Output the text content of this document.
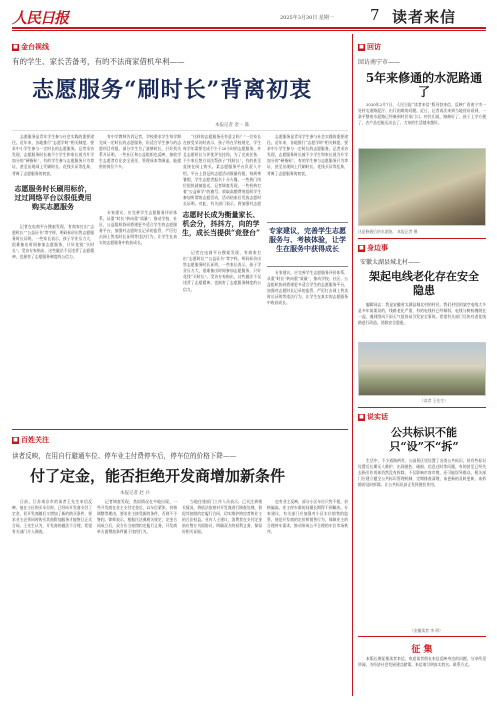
人民日报	2025年3月30日 星期一 7 读者来信
■ 金台视线
有的学生、家长苦备考，有的不法商家借机牟利——
志愿服务“刷时长”背离初衷
本报记者 金一 陈
志愿服务是青年学生参与社会实践的重要途径。近年来，各地推行“志愿学时”相关制度，要求中小学生参与一定时长的志愿服务。记者采访发现，志愿服务时长被不少学生和家长视为升学加分的“硬指标”，有的学生参与志愿服务只为拿证，甚至出现网上代刷时长、花钱买证等乱象，背离了志愿服务的初衷。
志愿服务时长刷用标价，过过网络平台以很低费用购买志愿服务
记者在电商平台搜索发现，有商家打出“志愿时长”“公益证书”等字样，明码标价出售志愿服务时长证明。一些家长表示，孩子学业压力大，很难抽出时间参加志愿服务，只好花钱“买时长”。受访专家指出，这些做法不仅违背了志愿精神，也损害了志愿服务制度的公信力。
有中学教师告诉记者，学校要求学生每学期完成一定时长的志愿服务，但适合学生参与的志愿项目有限，部分学生为了凑够时长，只好找关系开证明。一些社区和公益组织也反映，接收学生志愿者存在安全责任、管理成本等顾虑，能提供的岗位不多。
志愿时长成为衡量家长、机会分，抖抖方，向的学生，成长当提供“竞登台”
专家建议，应完善学生志愿服务评价体系，从重“时长”转向重“质量”，推动学校、社区、公益组织协同搭建更多适合学生的志愿服务平台，加强对志愿时长记录的监管，严厉打击网上售卖时长证明等违法行为，让学生在真实的志愿服务中收获成长。
“这样的志愿服务还有意义吗？”一位家长在接受采访时表示，孩子所在学校规定，学生每学年需要完成不少于20小时的志愿服务，并且志愿时长与评优评先挂钩。为了完成任务，不少家长想方设法帮孩子“找时长”，有的甚至直接在网上购买。某志愿服务平台负责人介绍，平台上登记的志愿活动数量有限，每到寒暑假，学生志愿者报名十分火爆，一些热门岗位很快就被抢光。记者调查发现，一些机构打着“公益研学”的旗号，收取高额费用组织学生参加所谓的志愿活动，活动结束后发放志愿时长证明。对此，有关部门表示，将加强对志愿
记者在电商平台搜索发现，有商家打出“志愿时长”“公益证书”等字样，明码标价出售志愿服务时长证明。一些家长表示，孩子学业压力大，很难抽出时间参加志愿服务，只好花钱“买时长”。受访专家指出，这些做法不仅违背了志愿精神，也损害了志愿服务制度的公信力。
志愿服务是青年学生参与社会实践的重要途径。近年来，各地推行“志愿学时”相关制度，要求中小学生参与一定时长的志愿服务。记者采访发现，志愿服务时长被不少学生和家长视为升学加分的“硬指标”，有的学生参与志愿服务只为拿证，甚至出现网上代刷时长、花钱买证等乱象，背离了志愿服务的初衷。
专家建议，完善学生志愿服务与、考核体验，让学生在服务中获得成长
专家建议，应完善学生志愿服务评价体系，从重“时长”转向重“质量”，推动学校、社区、公益组织协同搭建更多适合学生的志愿服务平台，加强对志愿时长记录的监管，严厉打击网上售卖时长证明等违法行为，让学生在真实的志愿服务中收获成长。
■ 百姓关注
读者反映，在用自行避通车位、停车业主付费停车后，停车位的价格下降——
付了定金，能否拒绝开发商增加新条件
本报记者 赵 兵
日前，江苏南京市的读者王先生来信反映，他在小区购买车位时，已经向开发商支付了定金，但开发商随后又增加了新的购买条件，要求业主必须同时购买其他附加服务才能签订正式合同。王先生认为，开发商的做法不合理，希望有关部门介入调查。
记者调查发现，类似情况在多地出现。一些开发商在业主支付定金后，以车位紧张、价格调整等理由，要求业主接受新的条件，否则不予签约。律师表示，根据民法典相关规定，定金合同成立后，双方应当按照约定履行义务，开发商单方面增加条件属于违约行为。
当地住建部门工作人员表示，已关注到相关情况，将依法依规对开发商进行调查处理，督促其按照约定履行合同，切实维护购房者和业主的合法权益。业内人士建议，消费者在支付定金前应签订书面协议，明确双方的权利义务，保留好相关证据。
也有业主反映，部分小区车位只售不租，价格偏高，业主停车难的问题长期得不到解决。专家建议，有关部门应加强对小区车位销售的监管，规范开发商的定价和销售行为，保障业主的合理停车需求，推动形成公平合理的车位市场秩序。
■ 回访
回访南宁市——
5年来修通的水泥路通了
2020年2月7日，人民日报“读者来信”版刊登来信，反映广西南宁市一处村屯道路泥泞、出行困难的问题。近日，记者再次来到当地回访看到，一条平整的水泥路已经修到村民家门口。村民们说，路修好了，孩子上学方便了，农产品也能运出去了，大家的生活越来越好。
这是修通后的水泥路。 本报记者 摄
■ 身边事
安徽太湖县城北村——
架起电线老化存在安全隐患
编辑同志：我是安徽省太湖县城北村的村民。我们村里的架空电线大多是多年前架设的，线路老化严重，有的电线杆已经倾斜，电线与树枝缠绕在一起，遇到刮风下雨天气很容易引发安全事故。希望有关部门尽快对老化线路进行改造，消除安全隐患。
（读者 王先生）
■ 说实话
公共标识不能只“设”不“拆”
生活中，不少道路两旁、公园景区里设置了各类公共标识，但有些标识设置后长期无人维护，出现褪色、破损、信息过时等问题，有的甚至已经失去指引作用却仍然没有拆除，不仅影响市容市貌，还可能误导群众。相关部门应建立健全公共标识管理机制，定期排查清理，该更新的及时更新，该拆除的及时拆除，让公共标识真正发挥便民作用。
（安徽读者 李 明）
征 集
本版长期征集读者来信，欢迎读者朋友来信反映身边的问题，分享所见所闻，为经济社会发展建言献策。来信请写明真实姓名、联系方式。
